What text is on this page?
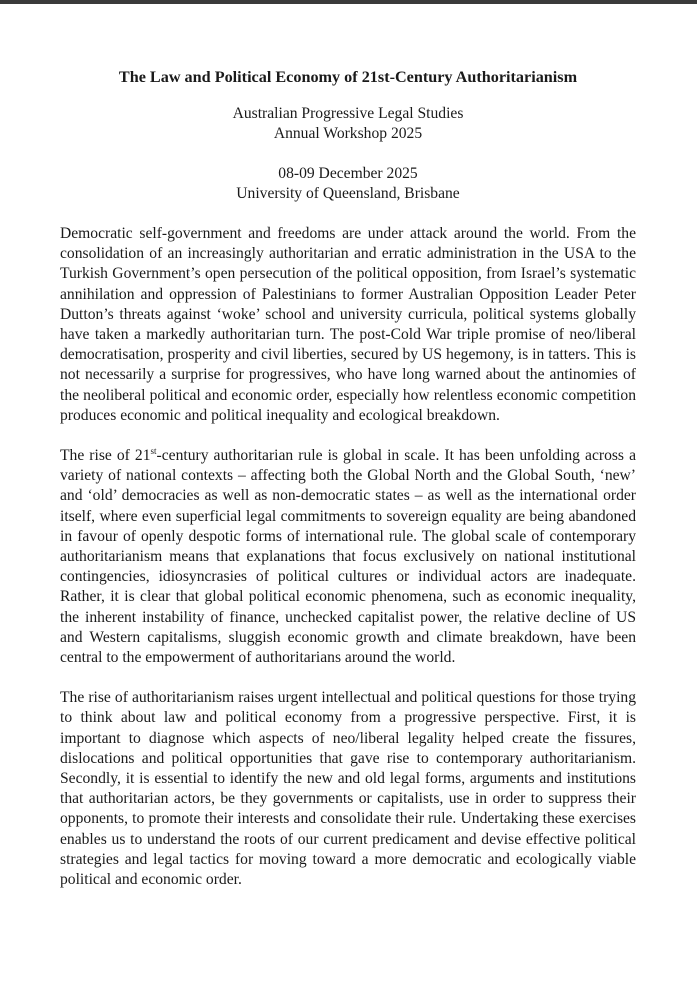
The Law and Political Economy of 21st-Century Authoritarianism
Australian Progressive Legal Studies
Annual Workshop 2025
08-09 December 2025
University of Queensland, Brisbane

Democratic self-government and freedoms are under attack around the world. From the consolidation of an increasingly authoritarian and erratic administration in the USA to the Turkish Government’s open persecution of the political opposition, from Israel’s systematic annihilation and oppression of Palestinians to former Australian Opposition Leader Peter Dutton’s threats against ‘woke’ school and university curricula, political systems globally have taken a markedly authoritarian turn. The post-Cold War triple promise of neo/liberal democratisation, prosperity and civil liberties, secured by US hegemony, is in tatters. This is not necessarily a surprise for progressives, who have long warned about the antinomies of the neoliberal political and economic order, especially how relentless economic competition produces economic and political inequality and ecological breakdown.

The rise of 21st-century authoritarian rule is global in scale. It has been unfolding across a variety of national contexts – affecting both the Global North and the Global South, ‘new’ and ‘old’ democracies as well as non-democratic states – as well as the international order itself, where even superficial legal commitments to sovereign equality are being abandoned in favour of openly despotic forms of international rule. The global scale of contemporary authoritarianism means that explanations that focus exclusively on national institutional contingencies, idiosyncrasies of political cultures or individual actors are inadequate. Rather, it is clear that global political economic phenomena, such as economic inequality, the inherent instability of finance, unchecked capitalist power, the relative decline of US and Western capitalisms, sluggish economic growth and climate breakdown, have been central to the empowerment of authoritarians around the world.

The rise of authoritarianism raises urgent intellectual and political questions for those trying to think about law and political economy from a progressive perspective. First, it is important to diagnose which aspects of neo/liberal legality helped create the fissures, dislocations and political opportunities that gave rise to contemporary authoritarianism. Secondly, it is essential to identify the new and old legal forms, arguments and institutions that authoritarian actors, be they governments or capitalists, use in order to suppress their opponents, to promote their interests and consolidate their rule. Undertaking these exercises enables us to understand the roots of our current predicament and devise effective political strategies and legal tactics for moving toward a more democratic and ecologically viable political and economic order.
